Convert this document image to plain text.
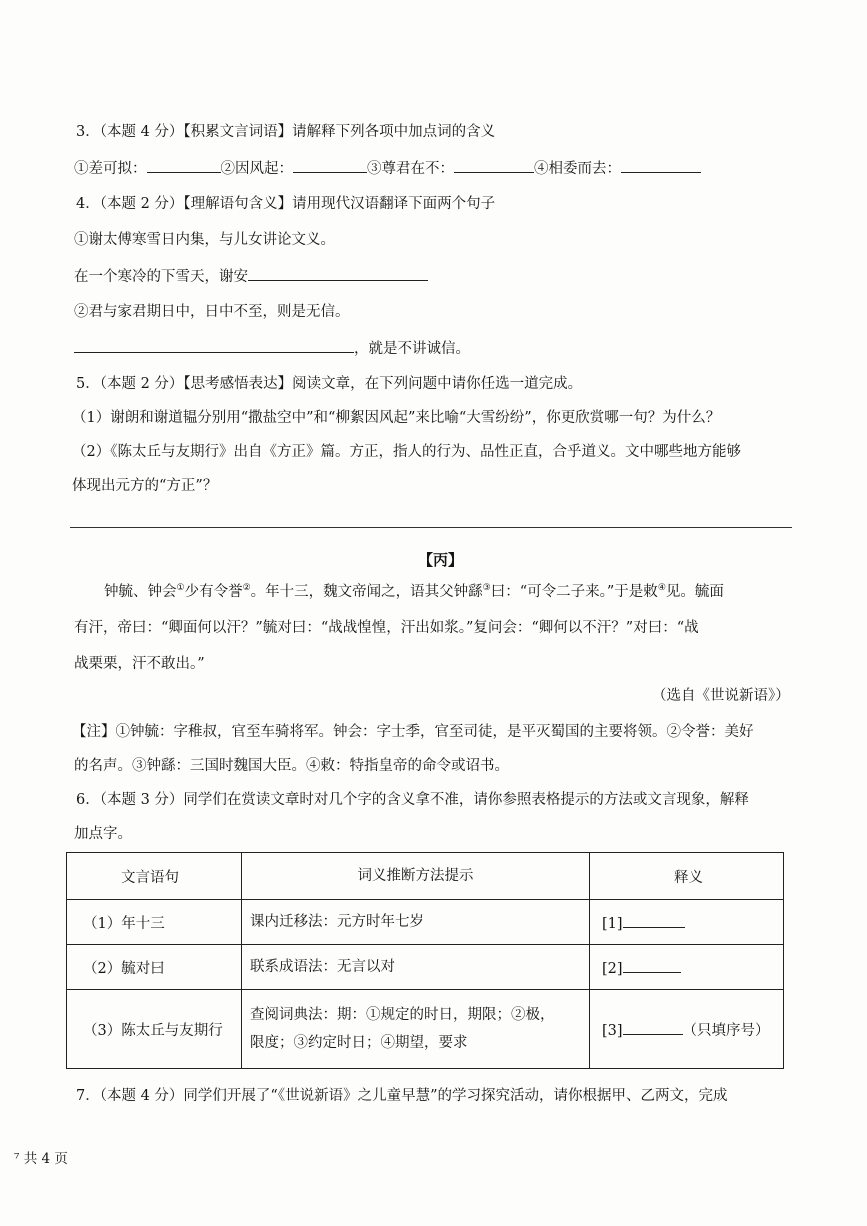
3．（本题 4 分）【积累文言词语】请解释下列各项中加点词的含义
①差可拟：	②因风起：	③尊君在不：	④相委而去：
4．（本题 2 分）【理解语句含义】请用现代汉语翻译下面两个句子
①谢太傅寒雪日内集，与儿女讲论文义。
在一个寒冷的下雪天，谢安
②君与家君期日中，日中不至，则是无信。
，就是不讲诚信。
5．（本题 2 分）【思考感悟表达】阅读文章，在下列问题中请你任选一道完成。
（1）谢朗和谢道韫分别用“撒盐空中”和“柳絮因风起”来比喻“大雪纷纷”，你更欣赏哪一句？为什么？
（2）《陈太丘与友期行》出自《方正》篇。方正，指人的行为、品性正直，合乎道义。文中哪些地方能够
体现出元方的“方正”？
【丙】
钟毓、钟会①少有令誉②。年十三，魏文帝闻之，语其父钟繇③曰：“可令二子来。”于是敕④见。毓面
有汗，帝曰：“卿面何以汗？”毓对曰：“战战惶惶，汗出如浆。”复问会：“卿何以不汗？”对曰：“战
战栗栗，汗不敢出。”
（选自《世说新语》）
【注】①钟毓：字稚叔，官至车骑将军。钟会：字士季，官至司徒，是平灭蜀国的主要将领。②令誉：美好
的名声。③钟繇：三国时魏国大臣。④敕：特指皇帝的命令或诏书。
6．（本题 3 分）同学们在赏读文章时对几个字的含义拿不准，请你参照表格提示的方法或文言现象，解释
加点字。
文言语句	词义推断方法提示	释义
（1）年十三	课内迁移法：元方时年七岁	[1]
（2）毓对曰	联系成语法：无言以对	[2]
（3）陈太丘与友期行	查阅词典法：期：①规定的时日，期限；②极，
限度；③约定时日；④期望，要求	[3] （只填序号）
7．（本题 4 分）同学们开展了“《世说新语》之儿童早慧”的学习探究活动，请你根据甲、乙两文，完成
⁷ 共 4 页
